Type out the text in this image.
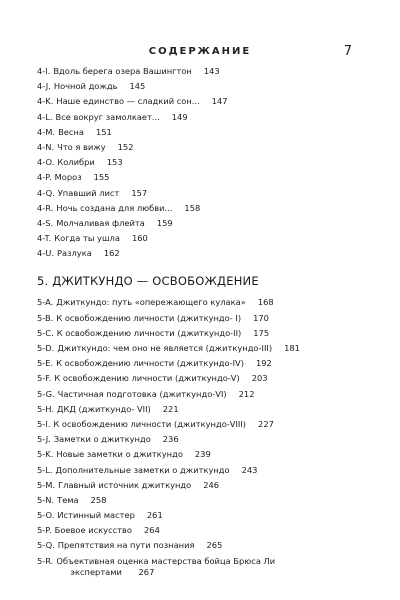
СОДЕРЖАНИЕ	7
4-I. Вдоль берега озера Вашингтон 143
4-J. Ночной дождь 145
4-K. Наше единство — сладкий сон... 147
4-L. Все вокруг замолкает... 149
4-M. Весна 151
4-N. Что я вижу 152
4-O. Колибри 153
4-P. Мороз 155
4-Q. Упавший лист 157
4-R. Ночь создана для любви... 158
4-S. Молчаливая флейта 159
4-T. Когда ты ушла 160
4-U. Разлука 162
5. ДЖИТКУНДО — ОСВОБОЖДЕНИЕ
5-A. Джиткундо: путь «опережающего кулака» 168
5-B. К освобождению личности (джиткундо- I) 170
5-C. К освобождению личности (джиткундо-II) 175
5-D. Джиткундо: чем оно не является (джиткундо-III) 181
5-E. К освобождению личности (джиткундо-IV) 192
5-F. К освобождению личности (джиткундо-V) 203
5-G. Частичная подготовка (джиткундо-VI) 212
5-H. ДКД (джиткундо- VII) 221
5-I. К освобождению личности (джиткундо-VIII) 227
5-J. Заметки о джиткундо 236
5-K. Новые заметки о джиткундо 239
5-L. Дополнительные заметки о джиткундо 243
5-M. Главный источник джиткундо 246
5-N. Тема 258
5-O. Истинный мастер 261
5-P. Боевое искусство 264
5-Q. Препятствия на пути познания 265
5-R. Объективная оценка мастерства бойца Брюса Ли
экспертами 267
